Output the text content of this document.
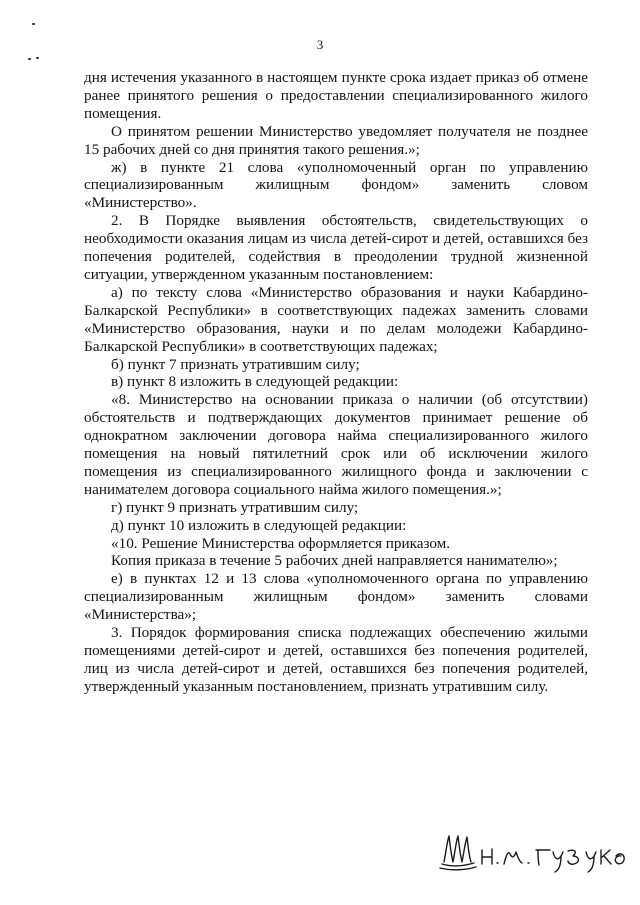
3

дня истечения указанного в настоящем пункте срока издает приказ об отмене ранее принятого решения о предоставлении специализированного жилого помещения.

О принятом решении Министерство уведомляет получателя не позднее 15 рабочих дней со дня принятия такого решения.»;

ж) в пункте 21 слова «уполномоченный орган по управлению специализированным жилищным фондом» заменить словом «Министерство».

2. В Порядке выявления обстоятельств, свидетельствующих о необходимости оказания лицам из числа детей-сирот и детей, оставшихся без попечения родителей, содействия в преодолении трудной жизненной ситуации, утвержденном указанным постановлением:

а) по тексту слова «Министерство образования и науки Кабардино-Балкарской Республики» в соответствующих падежах заменить словами «Министерство образования, науки и по делам молодежи Кабардино-Балкарской Республики» в соответствующих падежах;

б) пункт 7 признать утратившим силу;

в) пункт 8 изложить в следующей редакции:

«8. Министерство на основании приказа о наличии (об отсутствии) обстоятельств и подтверждающих документов принимает решение об однократном заключении договора найма специализированного жилого помещения на новый пятилетний срок или об исключении жилого помещения из специализированного жилищного фонда и заключении с нанимателем договора социального найма жилого помещения.»;

г) пункт 9 признать утратившим силу;

д) пункт 10 изложить в следующей редакции:

«10. Решение Министерства оформляется приказом.

Копия приказа в течение 5 рабочих дней направляется нанимателю»;

е) в пунктах 12 и 13 слова «уполномоченного органа по управлению специализированным жилищным фондом» заменить словами «Министерства»;

3. Порядок формирования списка подлежащих обеспечению жилыми помещениями детей-сирот и детей, оставшихся без попечения родителей, лиц из числа детей-сирот и детей, оставшихся без попечения родителей, утвержденный указанным постановлением, признать утратившим силу.
